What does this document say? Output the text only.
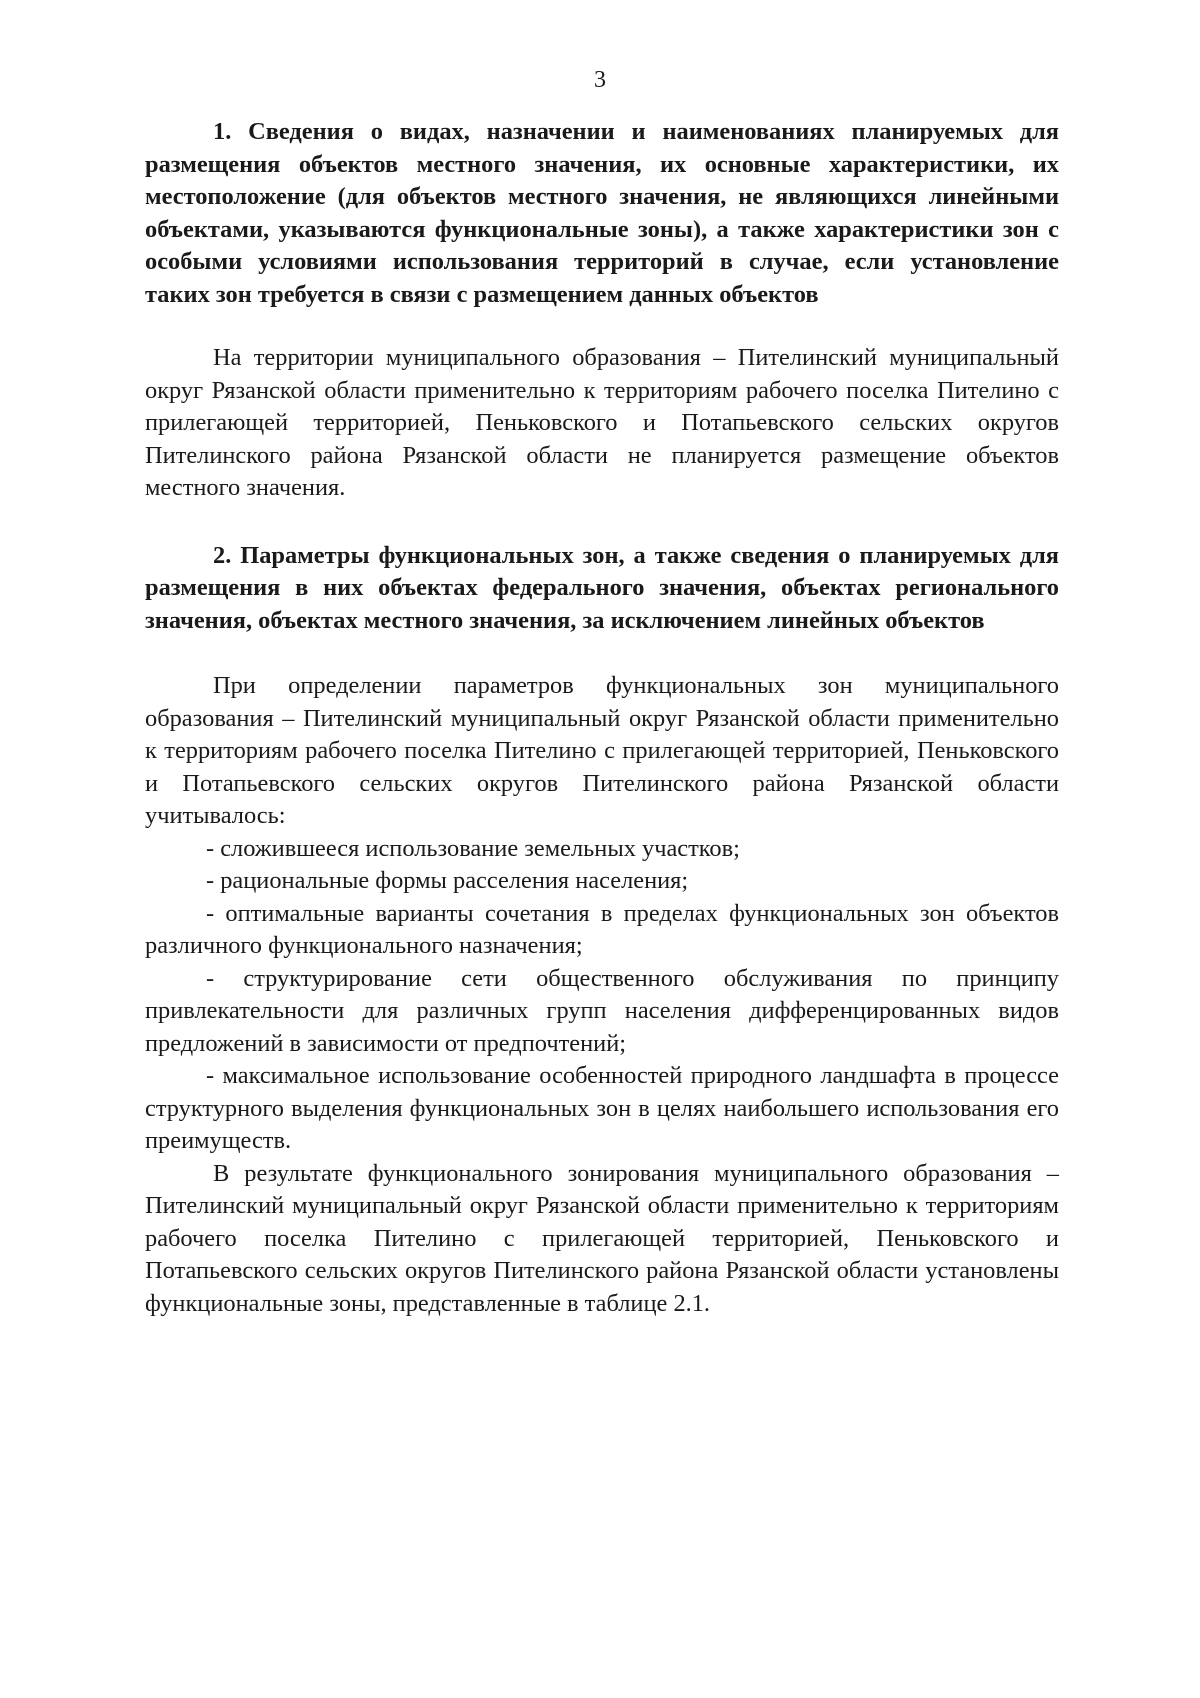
3

1. Сведения о видах, назначении и наименованиях планируемых для размещения объектов местного значения, их основные характеристики, их местоположение (для объектов местного значения, не являющихся линейными объектами, указываются функциональные зоны), а также характеристики зон с особыми условиями использования территорий в случае, если установление таких зон требуется в связи с размещением данных объектов

На территории муниципального образования – Пителинский муниципальный округ Рязанской области применительно к территориям рабочего поселка Пителино с прилегающей территорией, Пеньковского и Потапьевского сельских округов Пителинского района Рязанской области не планируется размещение объектов местного значения.

2. Параметры функциональных зон, а также сведения о планируемых для размещения в них объектах федерального значения, объектах регионального значения, объектах местного значения, за исключением линейных объектов

При определении параметров функциональных зон муниципального образования – Пителинский муниципальный округ Рязанской области применительно к территориям рабочего поселка Пителино с прилегающей территорией, Пеньковского и Потапьевского сельских округов Пителинского района Рязанской области учитывалось:

- сложившееся использование земельных участков;

- рациональные формы расселения населения;

- оптимальные варианты сочетания в пределах функциональных зон объектов различного функционального назначения;

- структурирование сети общественного обслуживания по принципу привлекательности для различных групп населения дифференцированных видов предложений в зависимости от предпочтений;

- максимальное использование особенностей природного ландшафта в процессе структурного выделения функциональных зон в целях наибольшего использования его преимуществ.

В результате функционального зонирования муниципального образования – Пителинский муниципальный округ Рязанской области применительно к территориям рабочего поселка Пителино с прилегающей территорией, Пеньковского и Потапьевского сельских округов Пителинского района Рязанской области установлены функциональные зоны, представленные в таблице 2.1.
